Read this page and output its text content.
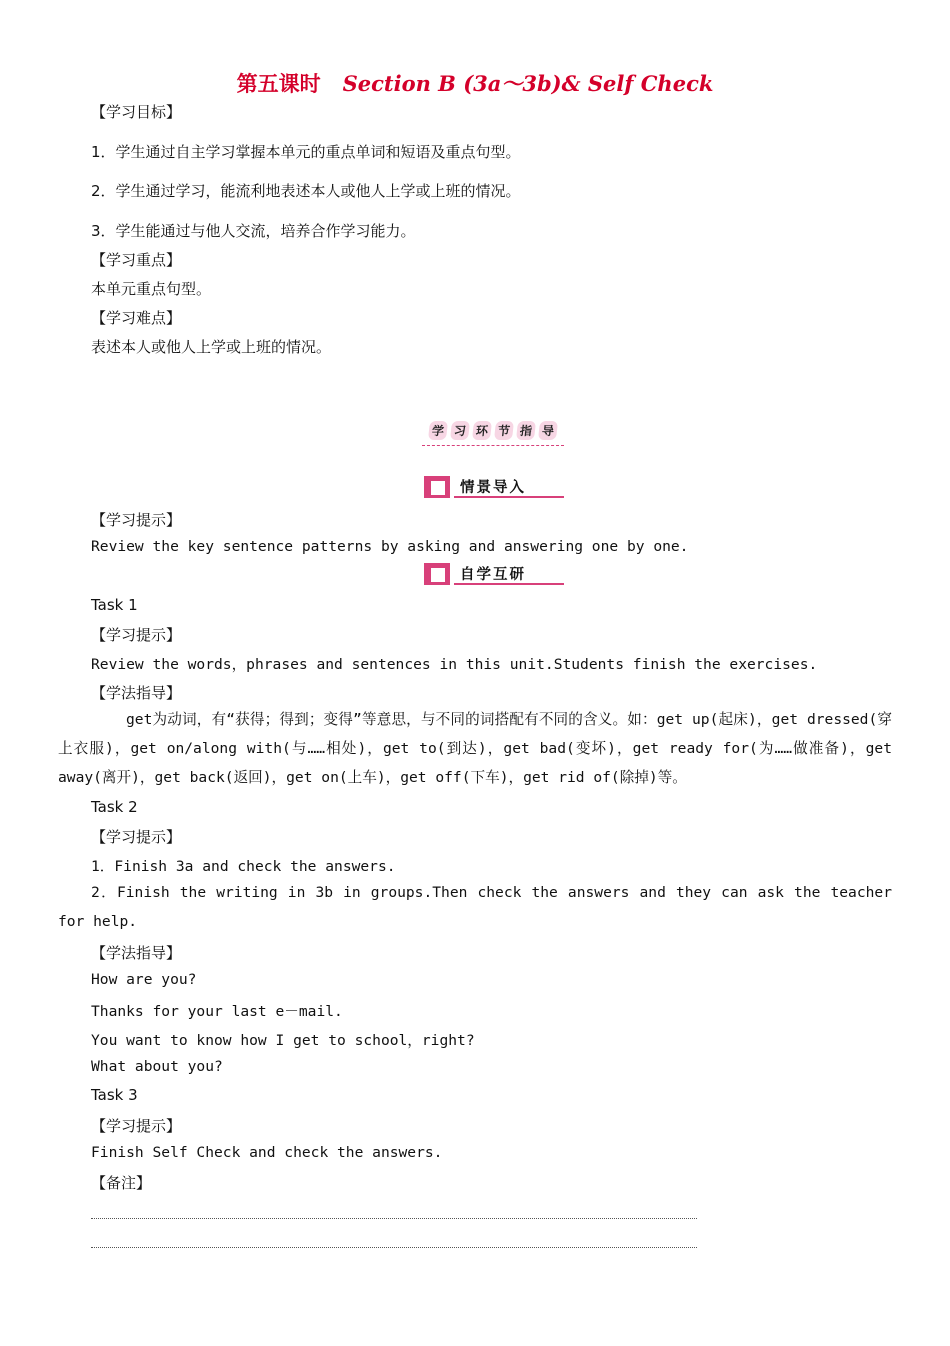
第五课时 Section B (3a～3b)& Self Check
【学习目标】
1．学生通过自主学习掌握本单元的重点单词和短语及重点句型。
2．学生通过学习，能流利地表述本人或他人上学或上班的情况。
3．学生能通过与他人交流，培养合作学习能力。
【学习重点】
本单元重点句型。
【学习难点】
表述本人或他人上学或上班的情况。
学 习 环 节 指 导
情景导入
【学习提示】
Review the key sentence patterns by asking and answering one by one.
自学互研
Task 1
【学习提示】
Review the words，phrases and sentences in this unit.Students finish the exercises.
【学法指导】
get为动词，有“获得；得到；变得”等意思，与不同的词搭配有不同的含义。如：get up(起床)，get dressed(穿上衣服)，get on/along with(与……相处)，get to(到达)，get bad(变坏)，get ready for(为……做准备)，get away(离开)，get back(返回)，get on(上车)，get off(下车)，get rid of(除掉)等。
Task 2
【学习提示】
1．Finish 3a and check the answers.
2．Finish the writing in 3b in groups.Then check the answers and they can ask the teacher for help.
【学法指导】
How are you?
Thanks for your last e－mail.
You want to know how I get to school，right?
What about you?
Task 3
【学习提示】
Finish Self Check and check the answers.
【备注】
